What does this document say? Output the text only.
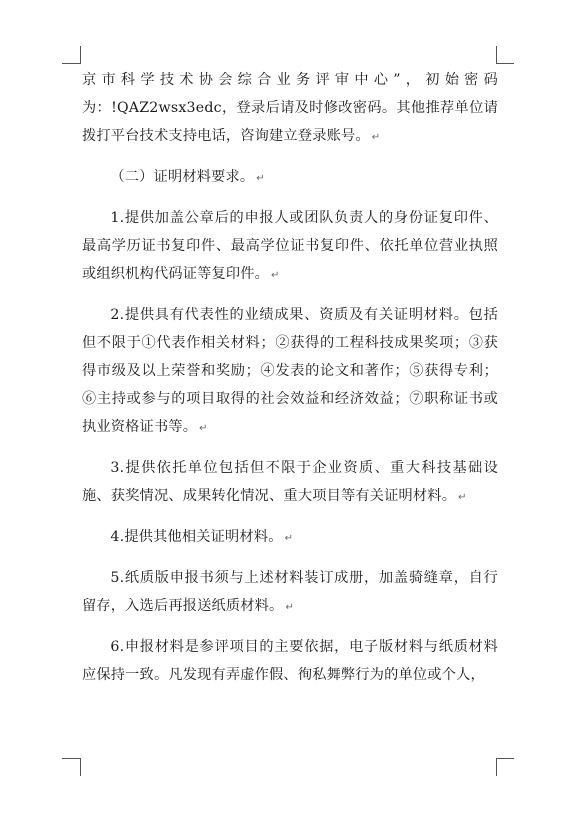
京市科学技术协会综合业务评审中心”，初始密码
为：!QAZ2wsx3edc，登录后请及时修改密码。其他推荐单位请拨打平台技术支持电话，咨询建立登录账号。 ↵

（二）证明材料要求。 ↵

1.提供加盖公章后的申报人或团队负责人的身份证复印件、最高学历证书复印件、最高学位证书复印件、依托单位营业执照或组织机构代码证等复印件。 ↵

2.提供具有代表性的业绩成果、资质及有关证明材料。包括但不限于①代表作相关材料；②获得的工程科技成果奖项；③获得市级及以上荣誉和奖励；④发表的论文和著作；⑤获得专利；⑥主持或参与的项目取得的社会效益和经济效益；⑦职称证书或执业资格证书等。 ↵

3.提供依托单位包括但不限于企业资质、重大科技基础设施、获奖情况、成果转化情况、重大项目等有关证明材料。 ↵

4.提供其他相关证明材料。 ↵

5.纸质版申报书须与上述材料装订成册，加盖骑缝章，自行留存，入选后再报送纸质材料。 ↵

6.申报材料是参评项目的主要依据，电子版材料与纸质材料应保持一致。凡发现有弄虚作假、徇私舞弊行为的单位或个人，
